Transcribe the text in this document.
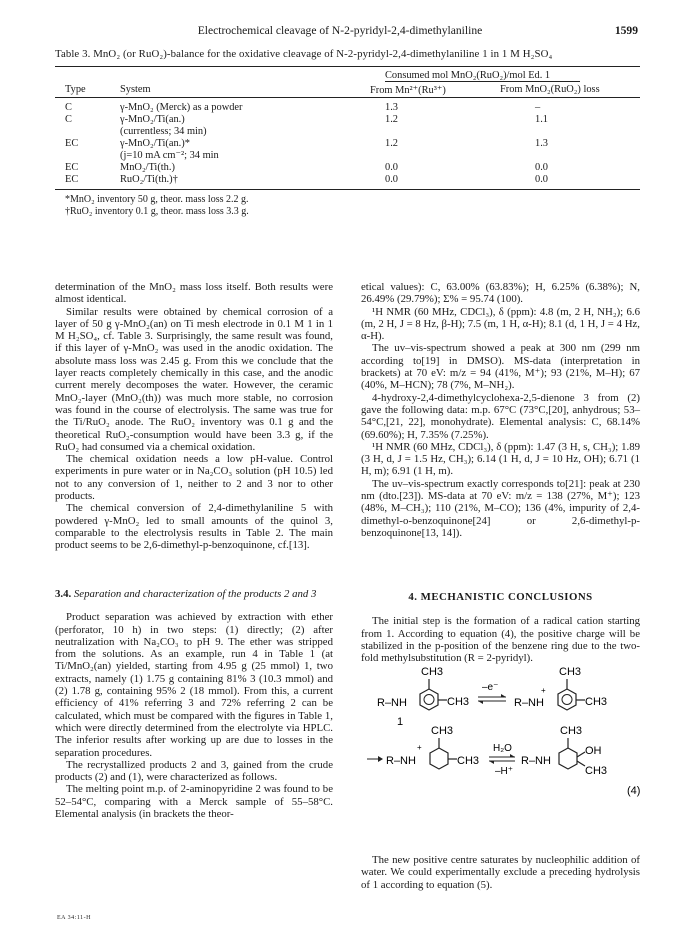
Electrochemical cleavage of N-2-pyridyl-2,4-dimethylaniline	1599
Table 3. MnO₂ (or RuO₂)-balance for the oxidative cleavage of N-2-pyridyl-2,4-dimethylaniline 1 in 1 M H₂SO₄
Consumed mol MnO₂(RuO₂)/mol Ed. 1
Type	System	From Mn²⁺(Ru³⁺)	From MnO₂(RuO₂) loss
C	γ-MnO₂ (Merck) as a powder	1.3	–
C	γ-MnO₂/Ti(an.)	1.2	1.1
(currentless; 34 min)
EC	γ-MnO₂/Ti(an.)*	1.2	1.3
(j=10 mA cm⁻²; 34 min
EC	MnO₂/Ti(th.)	0.0	0.0
EC	RuO₂/Ti(th.)†	0.0	0.0
*MnO₂ inventory 50 g, theor. mass loss 2.2 g.
†RuO₂ inventory 0.1 g, theor. mass loss 3.3 g.

determination of the MnO₂ mass loss itself. Both results were almost identical.

Similar results were obtained by chemical corrosion of a layer of 50 g γ-MnO₂(an) on Ti mesh electrode in 0.1 M 1 in 1 M H₂SO₄, cf. Table 3. Surprisingly, the same result was found, if this layer of γ-MnO₂ was used in the anodic oxidation. The absolute mass loss was 2.45 g. From this we conclude that the layer reacts completely chemically in this case, and the anodic current merely decomposes the water. However, the ceramic MnO₂-layer (MnO₂(th)) was much more stable, no corrosion was found in the course of electrolysis. The same was true for the Ti/RuO₂ anode. The RuO₂ inventory was 0.1 g and the theoretical RuO₂-consumption would have been 3.3 g, if the RuO₂ had consumed via a chemical oxidation.

The chemical oxidation needs a low pH-value. Control experiments in pure water or in Na₂CO₃ solution (pH 10.5) led not to any conversion of 1, neither to 2 and 3 nor to other products.

The chemical conversion of 2,4-dimethylaniline 5 with powdered γ-MnO₂ led to small amounts of the quinol 3, comparable to the electrolysis results in Table 2. The main product seems to be 2,6-dimethyl-p-benzoquinone, cf.[13].

etical values): C, 63.00% (63.83%); H, 6.25% (6.38%); N, 26.49% (29.79%); Σ% = 95.74 (100).

¹H NMR (60 MHz, CDCl₃), δ (ppm): 4.8 (m, 2 H, NH₂); 6.6 (m, 2 H, J = 8 Hz, β-H); 7.5 (m, 1 H, α-H); 8.1 (d, 1 H, J = 4 Hz, α-H).

The uv–vis-spectrum showed a peak at 300 nm (299 nm according to[19] in DMSO). MS-data (interpretation in brackets) at 70 eV: m/z = 94 (41%, M⁺); 93 (21%, M–H); 67 (40%, M–HCN); 78 (7%, M–NH₂).

4-hydroxy-2,4-dimethylcyclohexa-2,5-dienone 3 from (2) gave the following data: m.p. 67°C (73°C,[20], anhydrous; 53–54°C,[21, 22], monohydrate). Elemental analysis: C, 68.14% (69.60%); H, 7.35% (7.25%).

¹H NMR (60 MHz, CDCl₃), δ (ppm): 1.47 (3 H, s, CH₃); 1.89 (3 H, d, J = 1.5 Hz, CH₃); 6.14 (1 H, d, J = 10 Hz, OH); 6.71 (1 H, m); 6.91 (1 H, m).

The uv–vis-spectrum exactly corresponds to[21]: peak at 230 nm (dto.[23]). MS-data at 70 eV: m/z = 138 (27%, M⁺); 123 (48%, M–CH₃); 110 (21%, M–CO); 136 (4%, impurity of 2,4-dimethyl-o-benzoquinone[24] or 2,6-dimethyl-p-benzoquinone[13, 14]).

3.4. Separation and characterization of the products 2 and 3

Product separation was achieved by extraction with ether (perforator, 10 h) in two steps: (1) directly; (2) after neutralization with Na₂CO₃ to pH 9. The ether was stripped from the solutions. As an example, run 4 in Table 1 (at Ti/MnO₂(an) yielded, starting from 4.95 g (25 mmol) 1, two extracts, namely (1) 1.75 g containing 81% 3 (10.3 mmol) and (2) 1.78 g, containing 95% 2 (18 mmol). From this, a current efficiency of 41% referring 3 and 72% referring 2 can be calculated, which must be compared with the figures in Table 1, which were directly determined from the electrolyte via HPLC. The inferior results after working up are due to losses in the separation procedures.

The recrystallized products 2 and 3, gained from the crude products (2) and (1), were characterized as follows.

The melting point m.p. of 2-aminopyridine 2 was found to be 52–54°C, comparing with a Merck sample of 55–58°C. Elemental analysis (in brackets the theor-

4. MECHANISTIC CONCLUSIONS

The initial step is the formation of a radical cation starting from 1. According to equation (4), the positive charge will be stabilized in the p-position of the benzene ring due to the two-fold methylsubstitution (R = 2-pyridyl).

R–NH
CH3
CH3
–e⁻
R–NH
+
CH3
CH3
1
R–NH
+
CH3
CH3
H₂O
–H⁺
R–NH
CH3
OH
CH3
(4)

The new positive centre saturates by nucleophilic addition of water. We could experimentally exclude a preceding hydrolysis of 1 according to equation (5).

EA 34:11-H
